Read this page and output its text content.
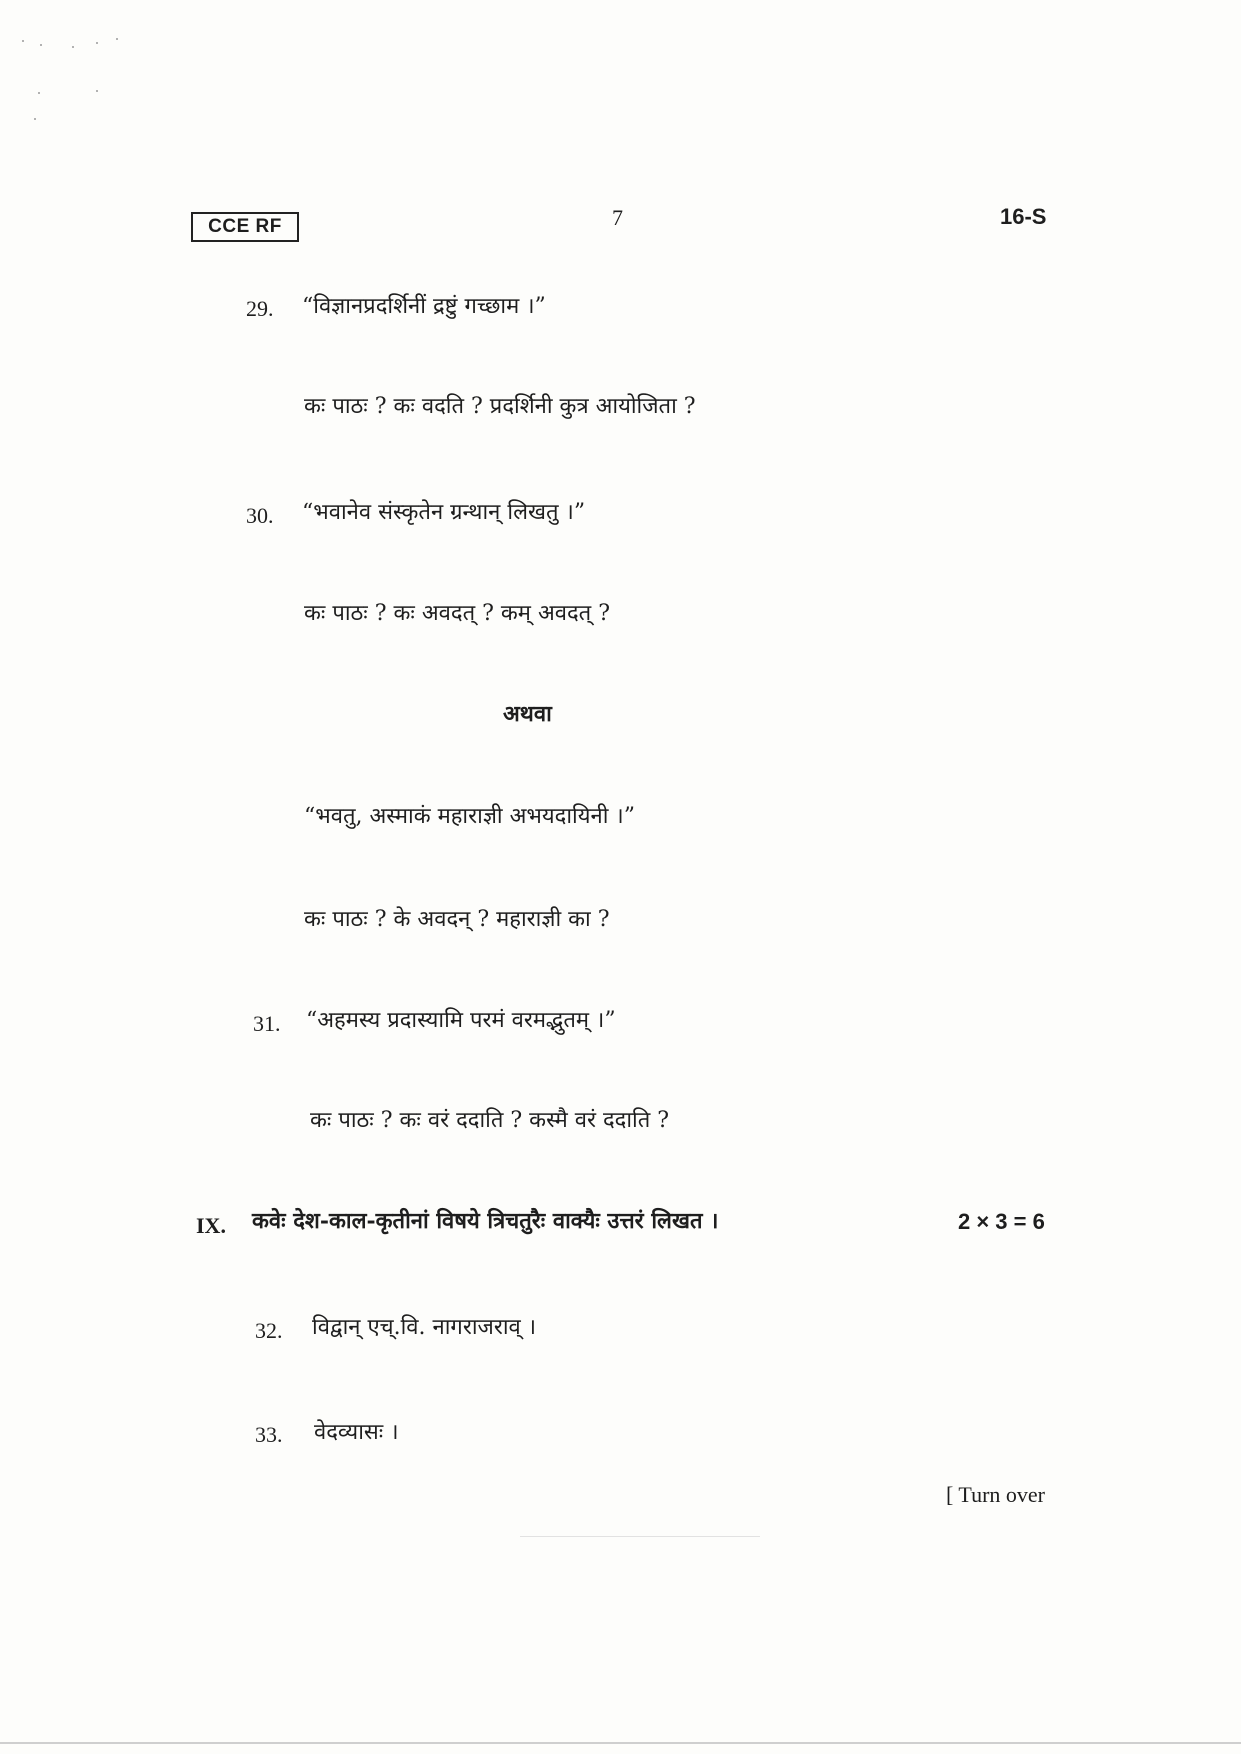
CCE RF	7	16-S
29. “विज्ञानप्रदर्शिनीं द्रष्टुं गच्छाम ।”
कः पाठः ? कः वदति ? प्रदर्शिनी कुत्र आयोजिता ?
30. “भवानेव संस्कृतेन ग्रन्थान् लिखतु ।”
कः पाठः ? कः अवदत् ? कम् अवदत् ?
अथवा
“भवतु, अस्माकं महाराज्ञी अभयदायिनी ।”
कः पाठः ? के अवदन् ? महाराज्ञी का ?
31. “अहमस्य प्रदास्यामि परमं वरमद्भुतम् ।”
कः पाठः ? कः वरं ददाति ? कस्मै वरं ददाति ?
IX. कवेः देश-काल-कृतीनां विषये त्रिचतुरैः वाक्यैः उत्तरं लिखत ।	2 × 3 = 6
32. विद्वान् एच्.वि. नागराजराव् ।
33. वेदव्यासः ।
[ Turn over
